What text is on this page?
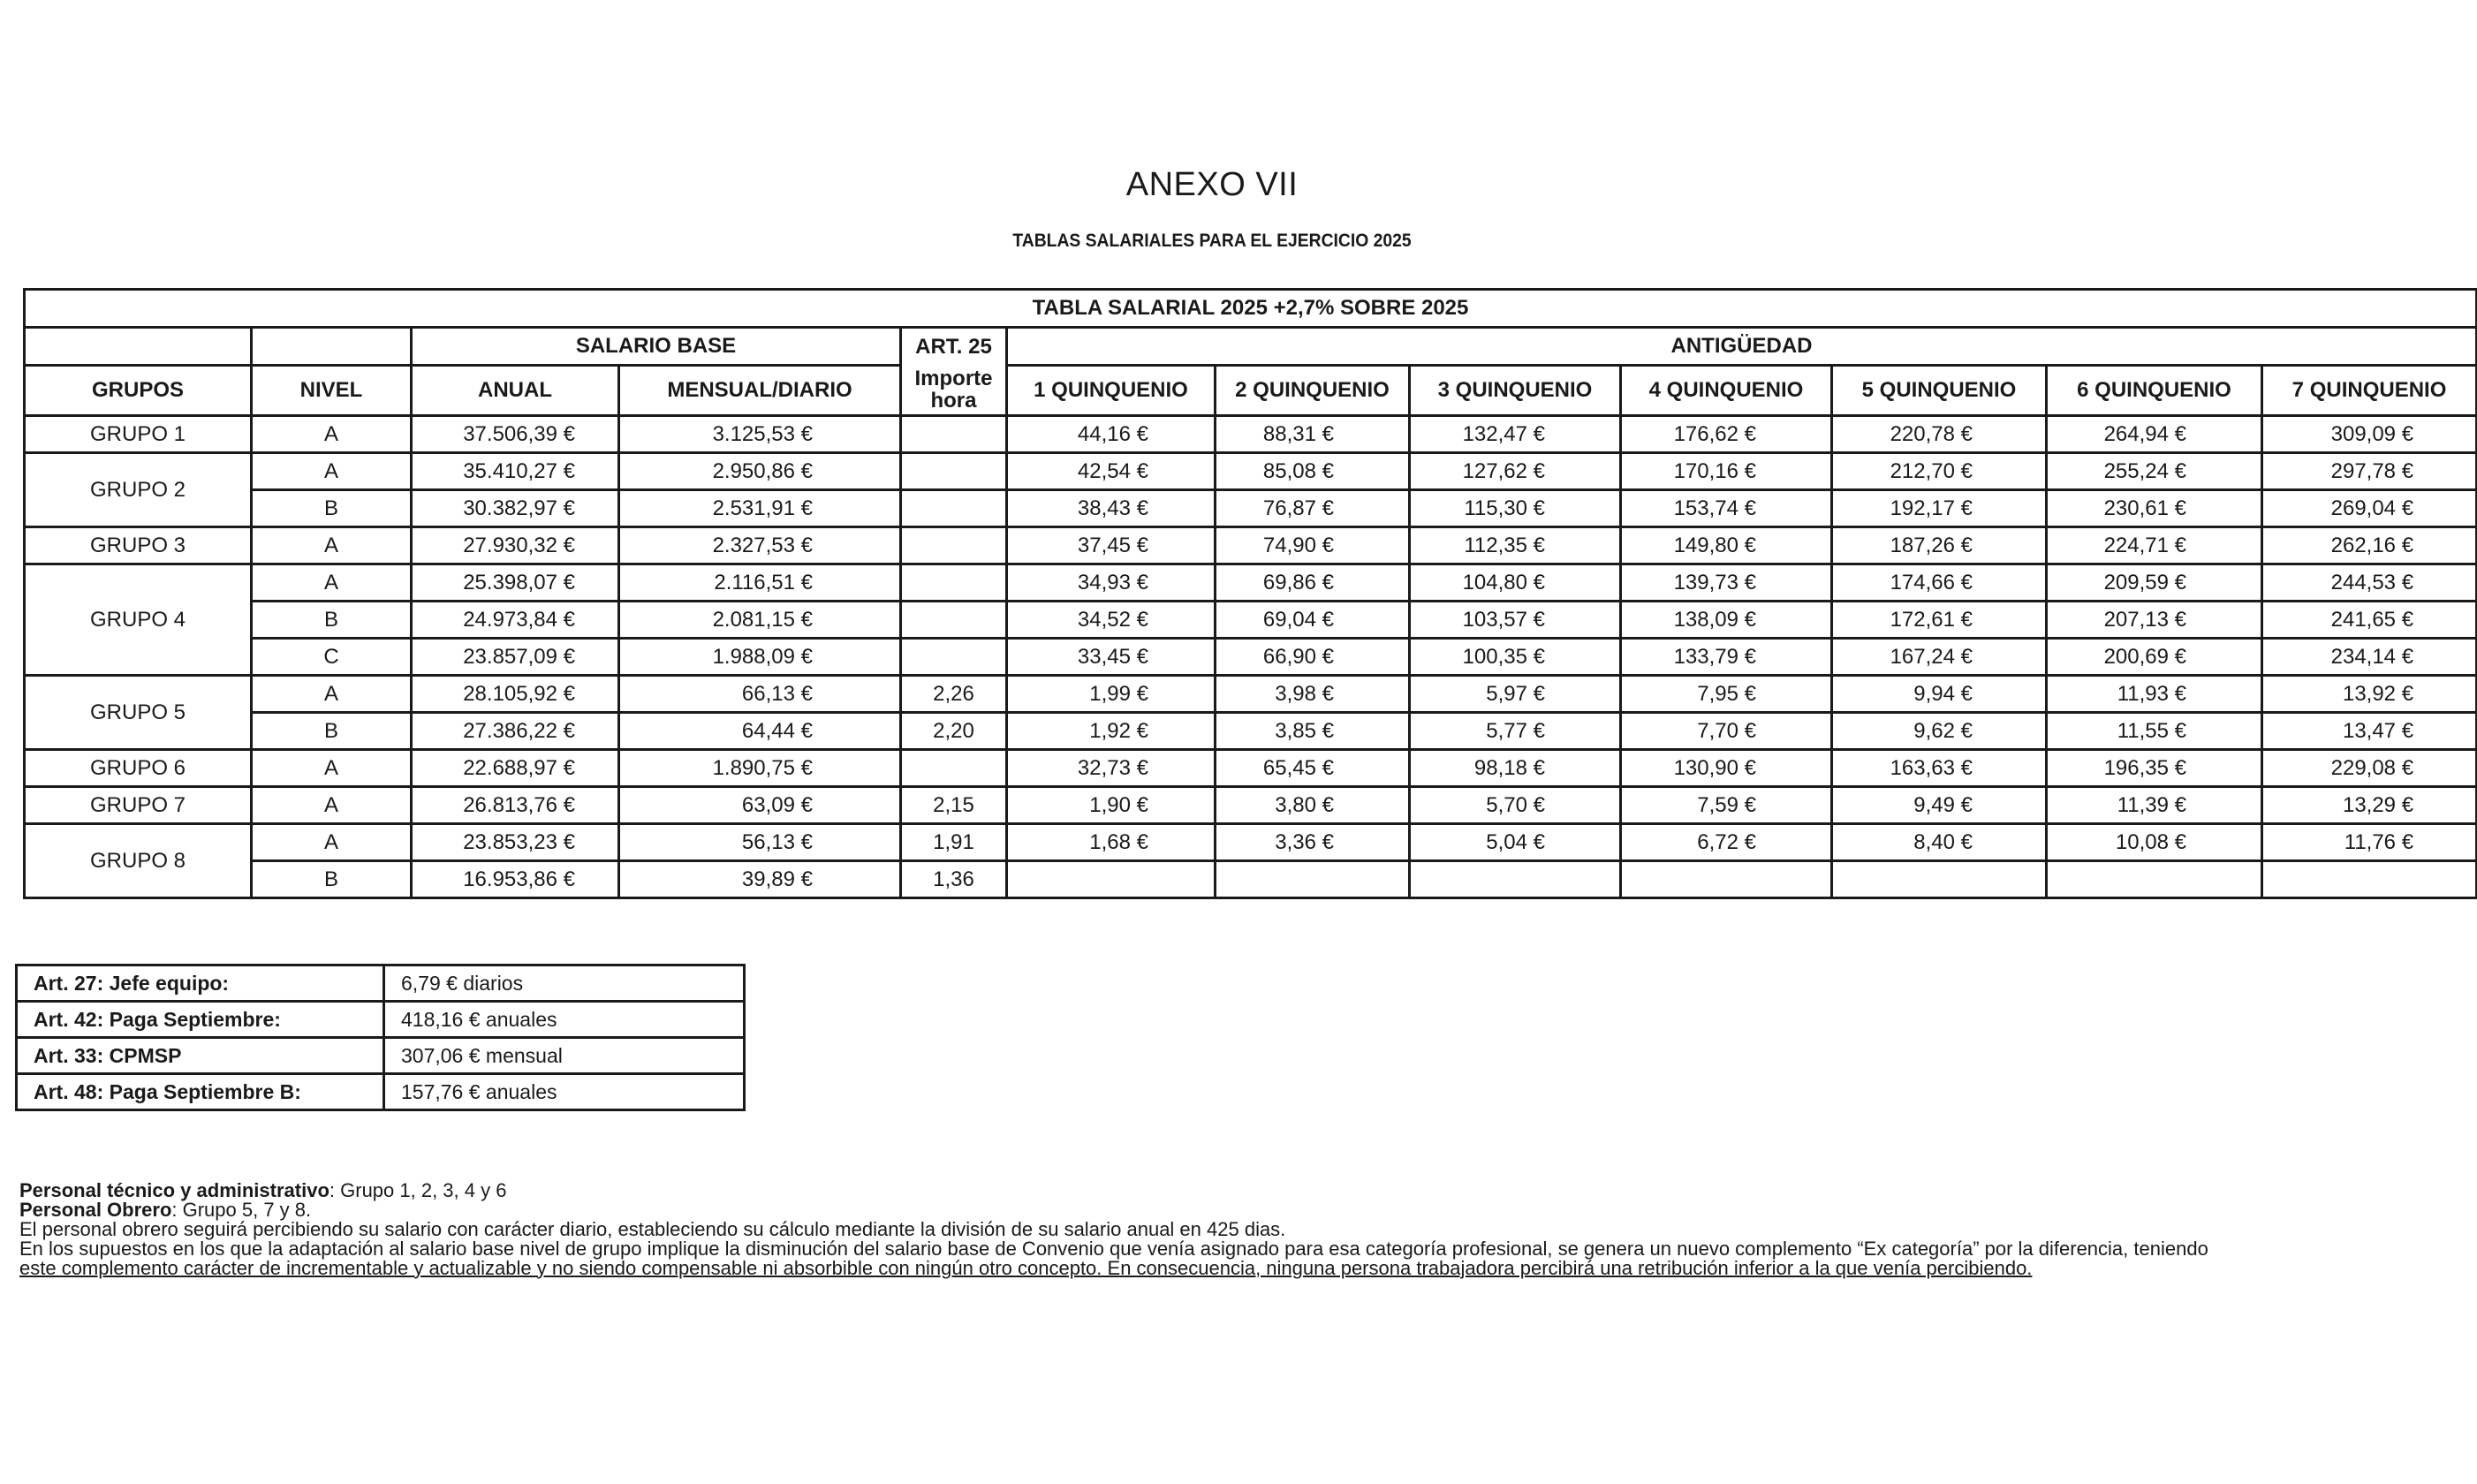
ANEXO VII
TABLAS SALARIALES PARA EL EJERCICIO 2025
TABLA SALARIAL 2025 +2,7% SOBRE 2025											
		SALARIO BASE		ART. 25	ANTIGÜEDAD						
GRUPOS	NIVEL	ANUAL	MENSUAL/DIARIO	Importe hora	1 QUINQUENIO	2 QUINQUENIO	3 QUINQUENIO	4 QUINQUENIO	5 QUINQUENIO	6 QUINQUENIO	7 QUINQUENIO
GRUPO 1	A	37.506,39 €	3.125,53 €		44,16 €	88,31 €	132,47 €	176,62 €	220,78 €	264,94 €	309,09 €
GRUPO 2	A	35.410,27 €	2.950,86 €		42,54 €	85,08 €	127,62 €	170,16 €	212,70 €	255,24 €	297,78 €
	B	30.382,97 €	2.531,91 €		38,43 €	76,87 €	115,30 €	153,74 €	192,17 €	230,61 €	269,04 €
GRUPO 3	A	27.930,32 €	2.327,53 €		37,45 €	74,90 €	112,35 €	149,80 €	187,26 €	224,71 €	262,16 €
GRUPO 4	A	25.398,07 €	2.116,51 €		34,93 €	69,86 €	104,80 €	139,73 €	174,66 €	209,59 €	244,53 €
	B	24.973,84 €	2.081,15 €		34,52 €	69,04 €	103,57 €	138,09 €	172,61 €	207,13 €	241,65 €
	C	23.857,09 €	1.988,09 €		33,45 €	66,90 €	100,35 €	133,79 €	167,24 €	200,69 €	234,14 €
GRUPO 5	A	28.105,92 €	66,13 €	2,26	1,99 €	3,98 €	5,97 €	7,95 €	9,94 €	11,93 €	13,92 €
	B	27.386,22 €	64,44 €	2,20	1,92 €	3,85 €	5,77 €	7,70 €	9,62 €	11,55 €	13,47 €
GRUPO 6	A	22.688,97 €	1.890,75 €		32,73 €	65,45 €	98,18 €	130,90 €	163,63 €	196,35 €	229,08 €
GRUPO 7	A	26.813,76 €	63,09 €	2,15	1,90 €	3,80 €	5,70 €	7,59 €	9,49 €	11,39 €	13,29 €
GRUPO 8	A	23.853,23 €	56,13 €	1,91	1,68 €	3,36 €	5,04 €	6,72 €	8,40 €	10,08 €	11,76 €
	B	16.953,86 €	39,89 €	1,36							
Art. 27: Jefe equipo:	6,79 € diarios
Art. 42: Paga Septiembre:	418,16 € anuales
Art. 33: CPMSP	307,06 € mensual
Art. 48: Paga Septiembre B:	157,76 € anuales

Personal técnico y administrativo: Grupo 1, 2, 3, 4 y 6

Personal Obrero: Grupo 5, 7 y 8.

El personal obrero seguirá percibiendo su salario con carácter diario, estableciendo su cálculo mediante la división de su salario anual en 425 dias.

En los supuestos en los que la adaptación al salario base nivel de grupo implique la disminución del salario base de Convenio que venía asignado para esa categoría profesional, se genera un nuevo complemento “Ex categoría” por la diferencia, teniendo

este complemento carácter de incrementable y actualizable y no siendo compensable ni absorbible con ningún otro concepto. En consecuencia, ninguna persona trabajadora percibirá una retribución inferior a la que venía percibiendo.
